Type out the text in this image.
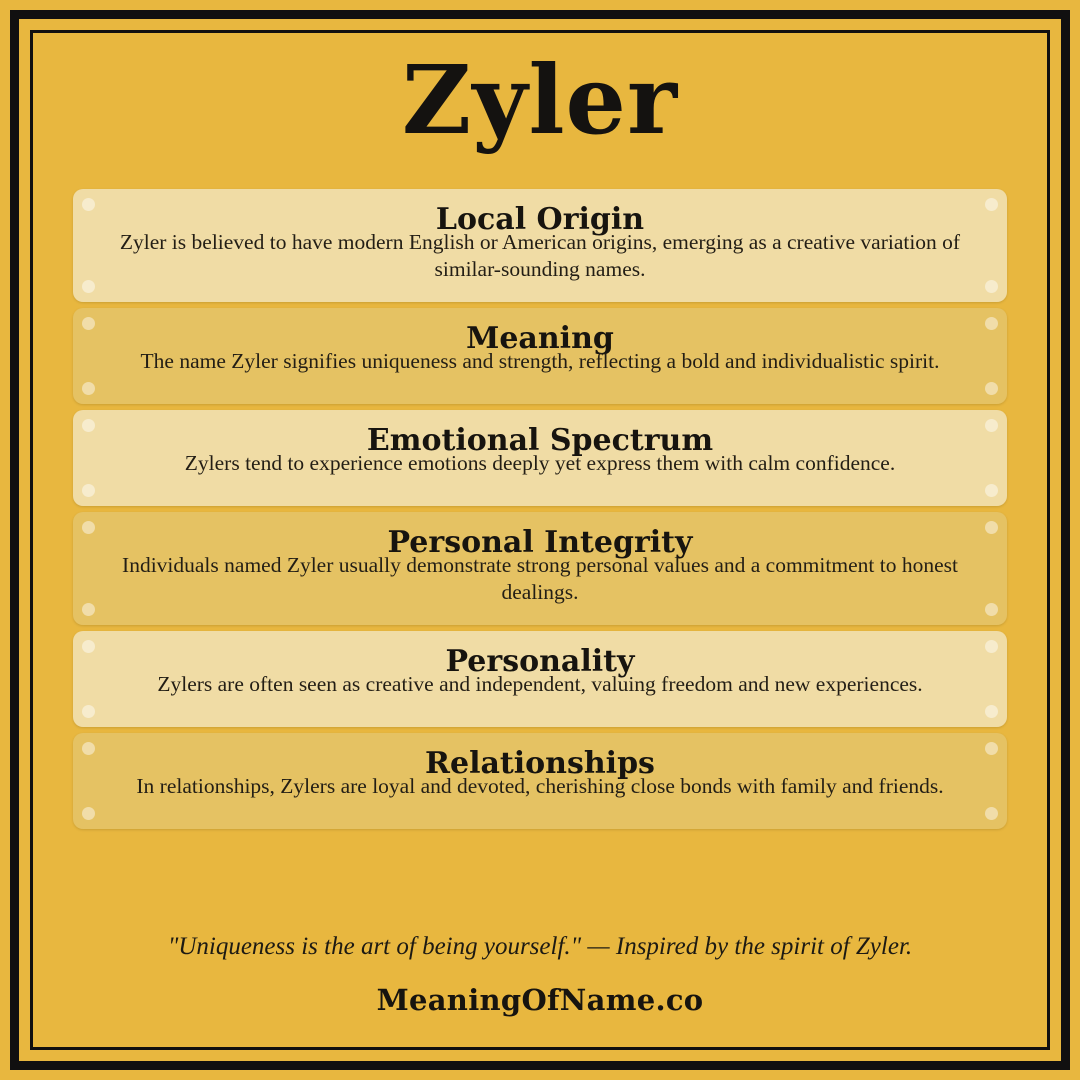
Zyler
Local Origin
Zyler is believed to have modern English or American origins, emerging as a creative variation of similar-sounding names.
Meaning
The name Zyler signifies uniqueness and strength, reflecting a bold and individualistic spirit.
Emotional Spectrum
Zylers tend to experience emotions deeply yet express them with calm confidence.
Personal Integrity
Individuals named Zyler usually demonstrate strong personal values and a commitment to honest dealings.
Personality
Zylers are often seen as creative and independent, valuing freedom and new experiences.
Relationships
In relationships, Zylers are loyal and devoted, cherishing close bonds with family and friends.
"Uniqueness is the art of being yourself." — Inspired by the spirit of Zyler.
MeaningOfName.co
